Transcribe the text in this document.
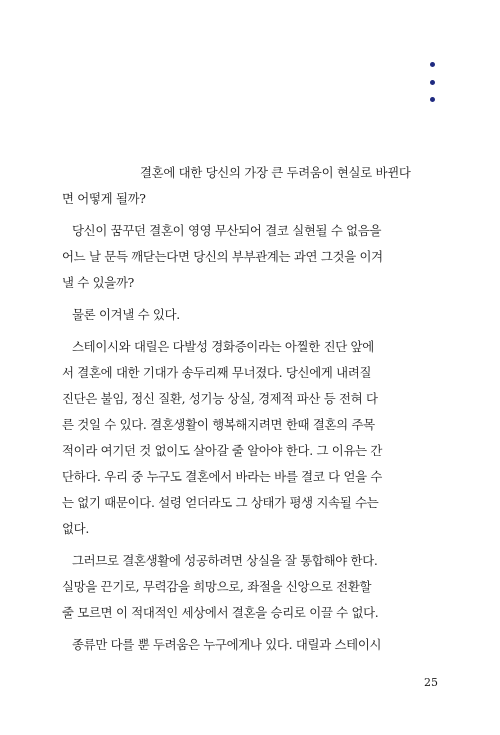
결혼에 대한 당신의 가장 큰 두려움이 현실로 바뀐다
면 어떻게 될까?

당신이 꿈꾸던 결혼이 영영 무산되어 결코 실현될 수 없음을
어느 날 문득 깨닫는다면 당신의 부부관계는 과연 그것을 이겨
낼 수 있을까?

물론 이겨낼 수 있다.

스테이시와 대릴은 다발성 경화증이라는 아찔한 진단 앞에
서 결혼에 대한 기대가 송두리째 무너졌다. 당신에게 내려질
진단은 불임, 정신 질환, 성기능 상실, 경제적 파산 등 전혀 다
른 것일 수 있다. 결혼생활이 행복해지려면 한때 결혼의 주목
적이라 여기던 것 없이도 살아갈 줄 알아야 한다. 그 이유는 간
단하다. 우리 중 누구도 결혼에서 바라는 바를 결코 다 얻을 수
는 없기 때문이다. 설령 얻더라도 그 상태가 평생 지속될 수는
없다.

그러므로 결혼생활에 성공하려면 상실을 잘 통합해야 한다.
실망을 끈기로, 무력감을 희망으로, 좌절을 신앙으로 전환할
줄 모르면 이 적대적인 세상에서 결혼을 승리로 이끌 수 없다.

종류만 다를 뿐 두려움은 누구에게나 있다. 대릴과 스테이시

25
